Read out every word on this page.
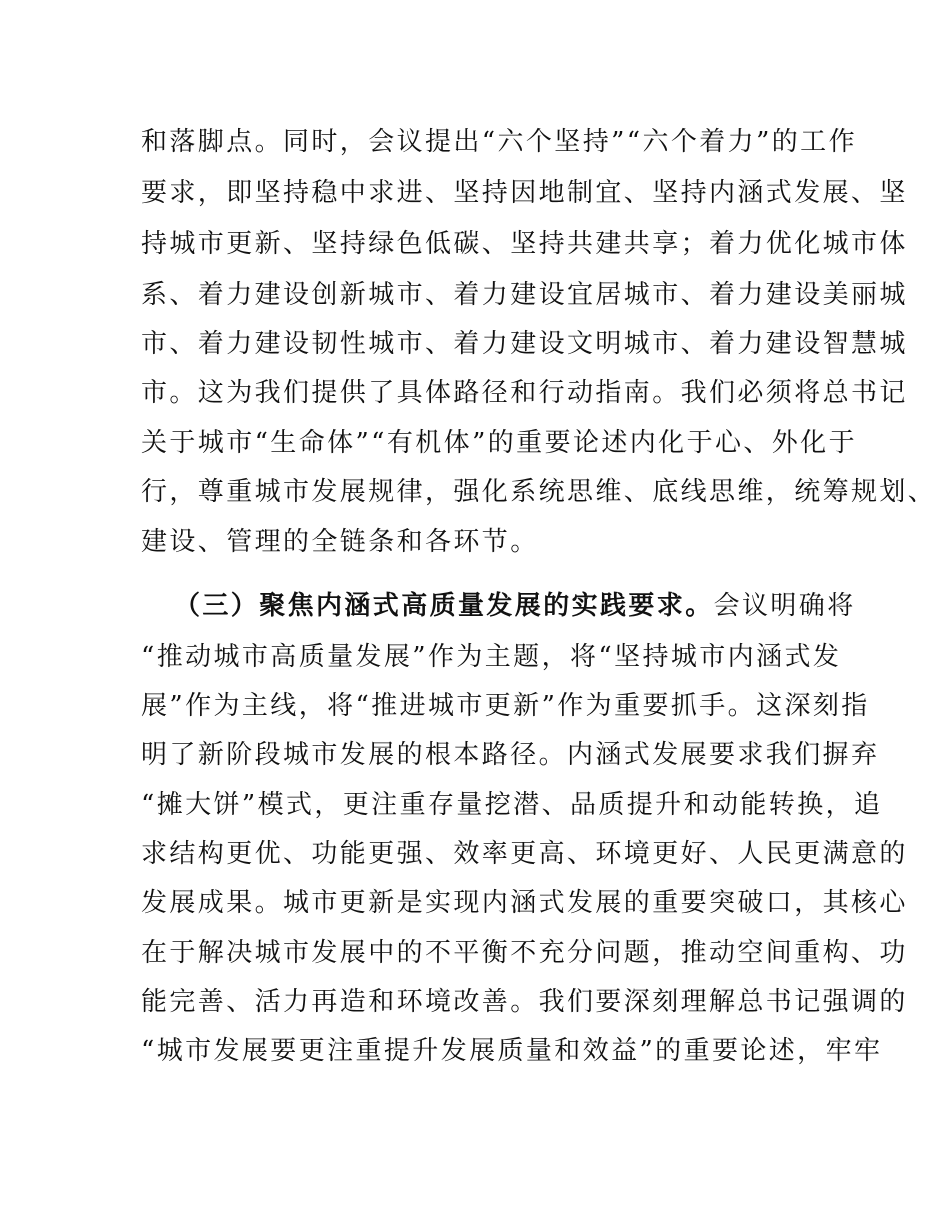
和落脚点。同时，会议提出“六个坚持”“六个着力”的工作
要求，即坚持稳中求进、坚持因地制宜、坚持内涵式发展、坚
持城市更新、坚持绿色低碳、坚持共建共享；着力优化城市体
系、着力建设创新城市、着力建设宜居城市、着力建设美丽城
市、着力建设韧性城市、着力建设文明城市、着力建设智慧城
市。这为我们提供了具体路径和行动指南。我们必须将总书记
关于城市“生命体”“有机体”的重要论述内化于心、外化于
行，尊重城市发展规律，强化系统思维、底线思维，统筹规划、
建设、管理的全链条和各环节。
（三）聚焦内涵式高质量发展的实践要求。会议明确将
“推动城市高质量发展”作为主题，将“坚持城市内涵式发
展”作为主线，将“推进城市更新”作为重要抓手。这深刻指
明了新阶段城市发展的根本路径。内涵式发展要求我们摒弃
“摊大饼”模式，更注重存量挖潜、品质提升和动能转换，追
求结构更优、功能更强、效率更高、环境更好、人民更满意的
发展成果。城市更新是实现内涵式发展的重要突破口，其核心
在于解决城市发展中的不平衡不充分问题，推动空间重构、功
能完善、活力再造和环境改善。我们要深刻理解总书记强调的
“城市发展要更注重提升发展质量和效益”的重要论述，牢牢
